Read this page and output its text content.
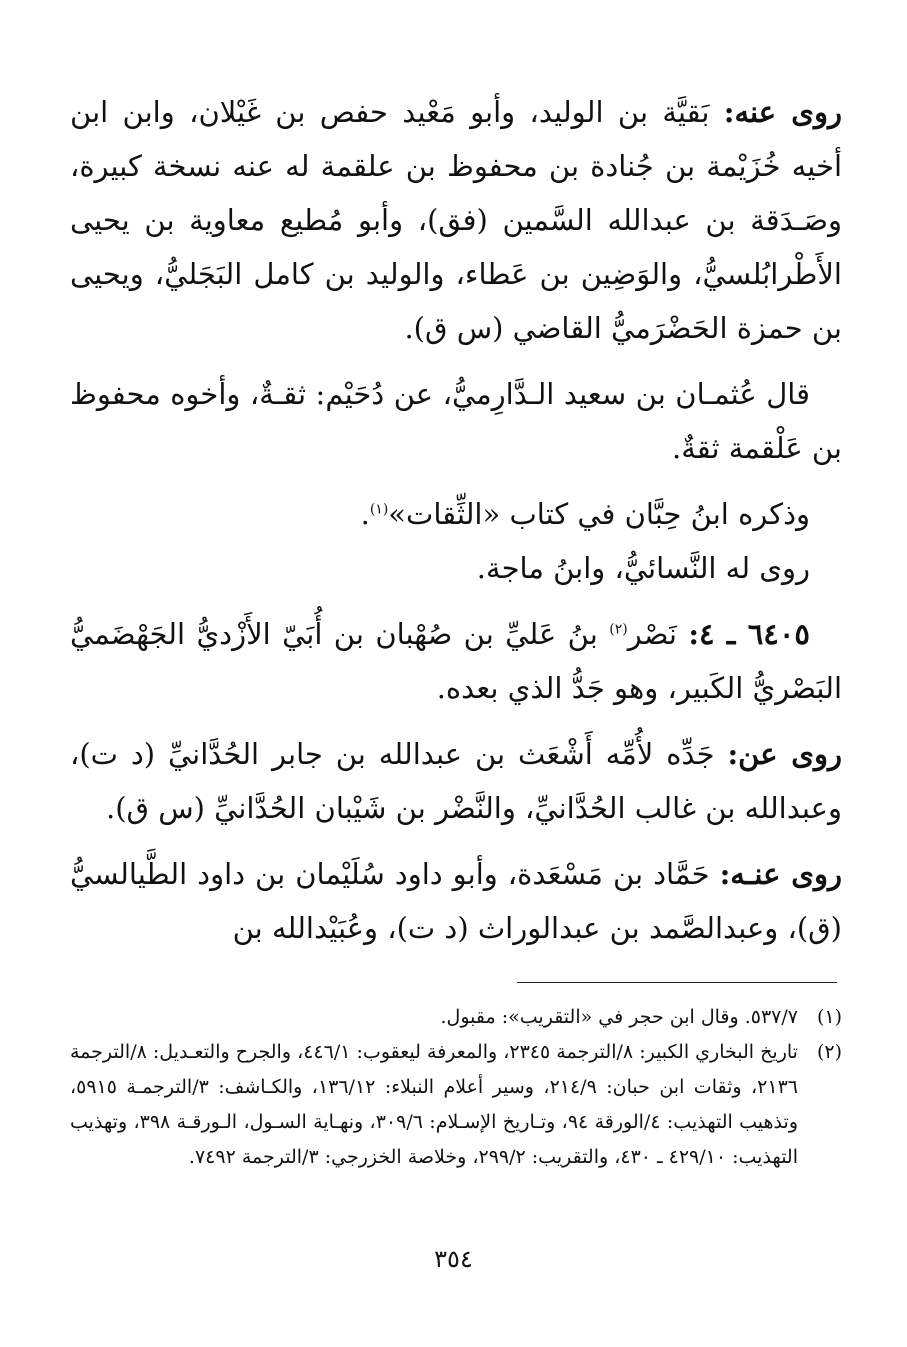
روى عنه: بَقيَّة بن الوليد، وأبو مَعْيد حفص بن غَيْلان، وابن ابن أخيه خُزَيْمة بن جُنادة بن محفوظ بن علقمة له عنه نسخة كبيرة، وصَـدَقة بن عبدالله السَّمين (فق)، وأبو مُطيع معاوية بن يحيى الأَطْرابُلسيُّ، والوَضِين بن عَطاء، والوليد بن كامل البَجَليُّ، ويحيى بن حمزة الحَضْرَميُّ القاضي (س ق).

قال عُثمـان بن سعيد الـدَّارِميُّ، عن دُحَيْم: ثقـةٌ، وأخوه محفوظ بن عَلْقمة ثقةٌ.

وذكره ابنُ حِبَّان في كتاب «الثِّقات»$^{(١)}$.

روى له النَّسائيُّ، وابنُ ماجة.

٦٤٠٥ ـ ٤: نَصْر$^{(٢)}$ بنُ عَليِّ بن صُهْبان بن أُبَيّ الأَزْديُّ الجَهْضَميُّ البَصْريُّ الكَبير، وهو جَدُّ الذي بعده.

روى عن: جَدِّه لأُمِّه أَشْعَث بن عبدالله بن جابر الحُدَّانيِّ (د ت)، وعبدالله بن غالب الحُدَّانيِّ، والنَّضْر بن شَيْبان الحُدَّانيِّ (س ق).

روى عنـه: حَمَّاد بن مَسْعَدة، وأبو داود سُلَيْمان بن داود الطَّيالسيُّ (ق)، وعبدالصَّمد بن عبدالوراث (د ت)، وعُبَيْدالله بن

(١)
٥٣٧/٧. وقال ابن حجر في «التقريب»: مقبول.
(٢)
تاريخ البخاري الكبير: ٨/الترجمة ٢٣٤٥، والمعرفة ليعقوب: ٤٤٦/١، والجرح والتعـديل: ٨/الترجمة ٢١٣٦، وثقات ابن حبان: ٢١٤/٩، وسير أعلام النبلاء: ١٣٦/١٢، والكـاشف: ٣/الترجمـة ٥٩١٥، وتذهيب التهذيب: ٤/الورقة ٩٤، وتـاريخ الإسـلام: ٣٠٩/٦، ونهـاية السـول، الـورقـة ٣٩٨، وتهذيب التهذيب: ٤٢٩/١٠ ـ ٤٣٠، والتقريب: ٢٩٩/٢، وخلاصة الخزرجي: ٣/الترجمة ٧٤٩٢.
٣٥٤
